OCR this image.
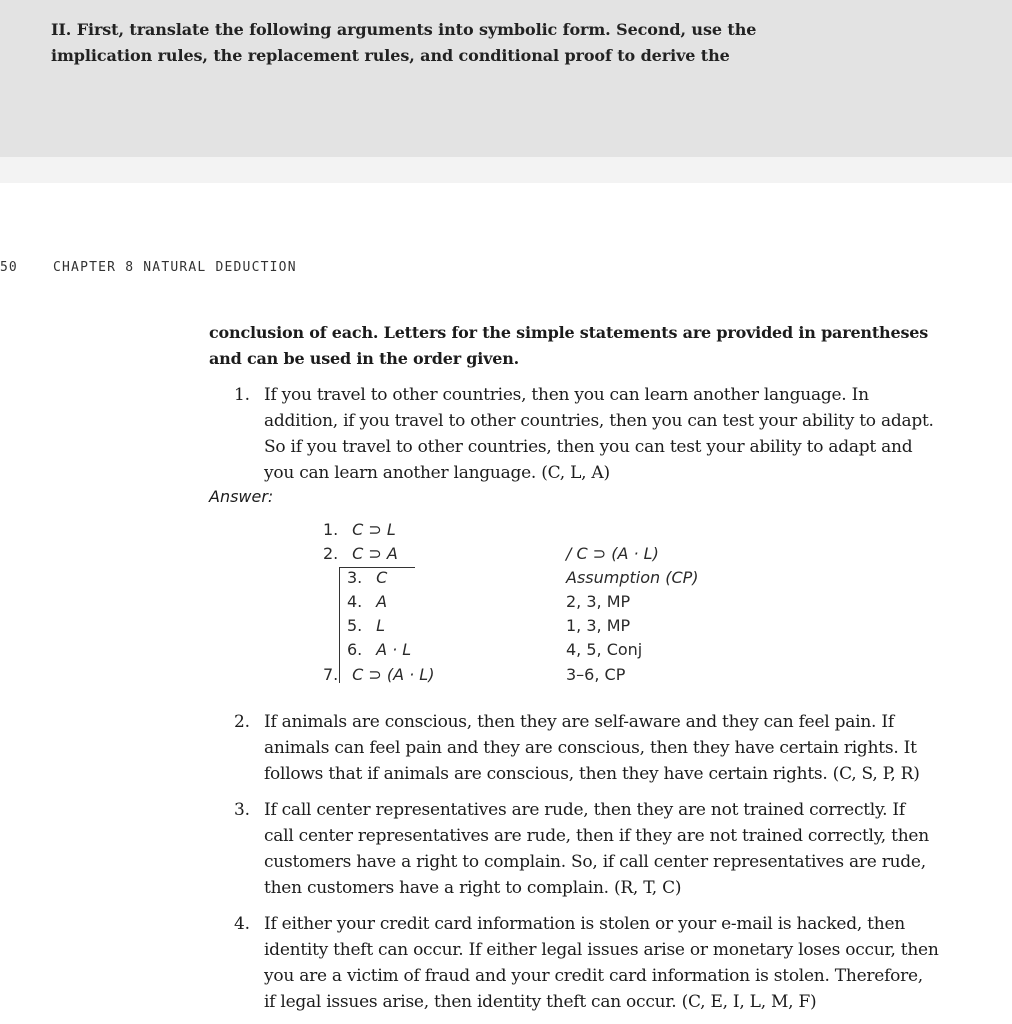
II. First, translate the following arguments into symbolic form. Second, use the implication rules, the replacement rules, and conditional proof to derive the

50	CHAPTER 8 NATURAL DEDUCTION

conclusion of each. Letters for the simple statements are provided in parentheses and can be used in the order given.

1. If you travel to other countries, then you can learn another language. In addition, if you travel to other countries, then you can test your ability to adapt. So if you travel to other countries, then you can test your ability to adapt and you can learn another language. (C, L, A)

Answer:
1. C ⊃ L
2. C ⊃ A	/ C ⊃ (A · L)
3. C	Assumption (CP)
4. A	2, 3, MP
5. L	1, 3, MP
6. A · L	4, 5, Conj
7. C ⊃ (A · L)	3–6, CP
2. If animals are conscious, then they are self-aware and they can feel pain. If animals can feel pain and they are conscious, then they have certain rights. It follows that if animals are conscious, then they have certain rights. (C, S, P, R)

3. If call center representatives are rude, then they are not trained correctly. If call center representatives are rude, then if they are not trained correctly, then customers have a right to complain. So, if call center representatives are rude, then customers have a right to complain. (R, T, C)

4. If either your credit card information is stolen or your e-mail is hacked, then identity theft can occur. If either legal issues arise or monetary loses occur, then you are a victim of fraud and your credit card information is stolen. Therefore, if legal issues arise, then identity theft can occur. (C, E, I, L, M, F)
